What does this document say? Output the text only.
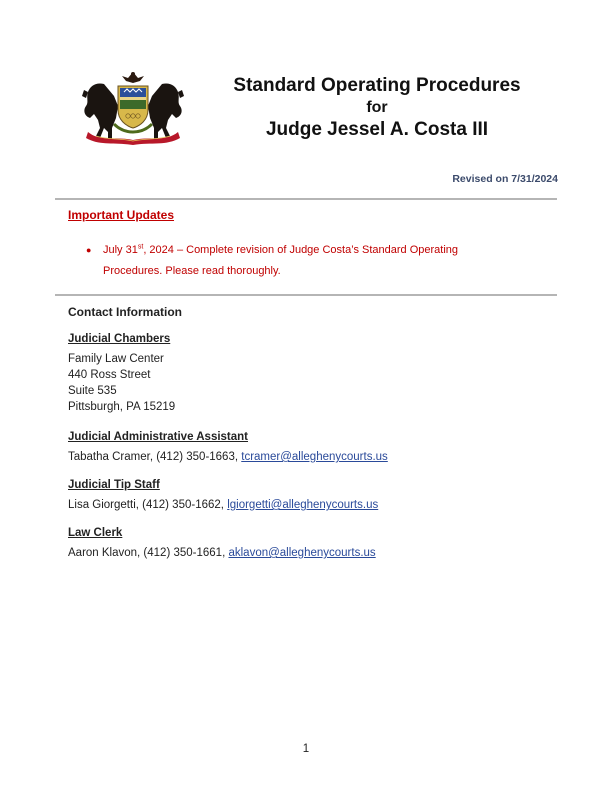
Standard Operating Procedures
for
Judge Jessel A. Costa III
Revised on 7/31/2024
Important Updates
● July 31st, 2024 – Complete revision of Judge Costa’s Standard Operating
Procedures. Please read thoroughly.
Contact Information
Judicial Chambers
Family Law Center
440 Ross Street
Suite 535
Pittsburgh, PA 15219
Judicial Administrative Assistant
Tabatha Cramer, (412) 350-1663, tcramer@alleghenycourts.us
Judicial Tip Staff
Lisa Giorgetti, (412) 350-1662, lgiorgetti@alleghenycourts.us
Law Clerk
Aaron Klavon, (412) 350-1661, aklavon@alleghenycourts.us
1
